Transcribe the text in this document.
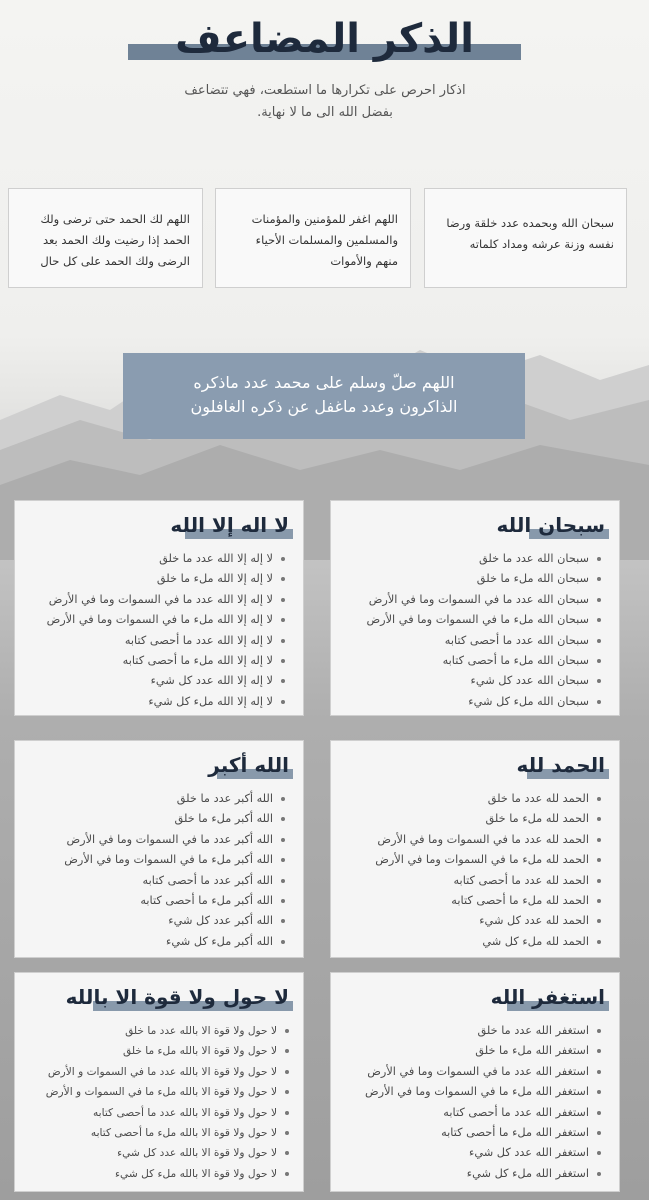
الذكر المضاعف
اذكار احرص على تكرارها ما استطعت، فهي تتضاعف
بفضل الله الى ما لا نهاية.
سبحان الله وبحمده عدد خلقة ورضا
نفسه وزنة عرشه ومداد كلماته
اللهم اغفر للمؤمنين والمؤمنات
والمسلمين والمسلمات الأحياء
منهم والأموات
اللهم لك الحمد حتى ترضى ولك
الحمد إذا رضيت ولك الحمد بعد
الرضى ولك الحمد على كل حال
اللهم صلّ وسلم على محمد عدد ماذكره
الذاكرون وعدد ماغفل عن ذكره الغافلون
سبحان الله
سبحان الله عدد ما خلق
سبحان الله ملء ما خلق
سبحان الله عدد ما في السموات وما في الأرض
سبحان الله ملء ما في السموات وما في الأرض
سبحان الله عدد ما أحصى كتابه
سبحان الله ملء ما أحصى كتابه
سبحان الله عدد كل شيء
سبحان الله ملء كل شيء
لا اله إلا الله
لا إله إلا الله عدد ما خلق
لا إله إلا الله ملء ما خلق
لا إله إلا الله عدد ما في السموات وما في الأرض
لا إله إلا الله ملء ما في السموات وما في الأرض
لا إله إلا الله عدد ما أحصى كتابه
لا إله إلا الله ملء ما أحصى كتابه
لا إله إلا الله عدد كل شيء
لا إله إلا الله ملء كل شيء
الحمد لله
الحمد لله عدد ما خلق
الحمد لله ملء ما خلق
الحمد لله عدد ما في السموات وما في الأرض
الحمد لله ملء ما في السموات وما في الأرض
الحمد لله عدد ما أحصى كتابه
الحمد لله ملء ما أحصى كتابه
الحمد لله عدد كل شيء
الحمد لله ملء كل شي
الله أكبر
الله أكبر عدد ما خلق
الله أكبر ملء ما خلق
الله أكبر عدد ما في السموات وما في الأرض
الله أكبر ملء ما في السموات وما في الأرض
الله أكبر عدد ما أحصى كتابه
الله أكبر ملء ما أحصى كتابه
الله أكبر عدد كل شيء
الله أكبر ملء كل شيء
استغفر الله
استغفر الله عدد ما خلق
استغفر الله ملء ما خلق
استغفر الله عدد ما في السموات وما في الأرض
استغفر الله ملء ما في السموات وما في الأرض
استغفر الله عدد ما أحصى كتابه
استغفر الله ملء ما أحصى كتابه
استغفر الله عدد كل شيء
استغفر الله ملء كل شيء
لا حول ولا قوة الا بالله
لا حول ولا قوة الا بالله عدد ما خلق
لا حول ولا قوة الا بالله ملء ما خلق
لا حول ولا قوة الا بالله عدد ما في السموات و الأرض
لا حول ولا قوة الا بالله ملء ما في السموات و الأرض
لا حول ولا قوة الا بالله عدد ما أحصى كتابه
لا حول ولا قوة الا بالله ملء ما أحصى كتابه
لا حول ولا قوة الا بالله عدد كل شيء
لا حول ولا قوة الا بالله ملء كل شيء
